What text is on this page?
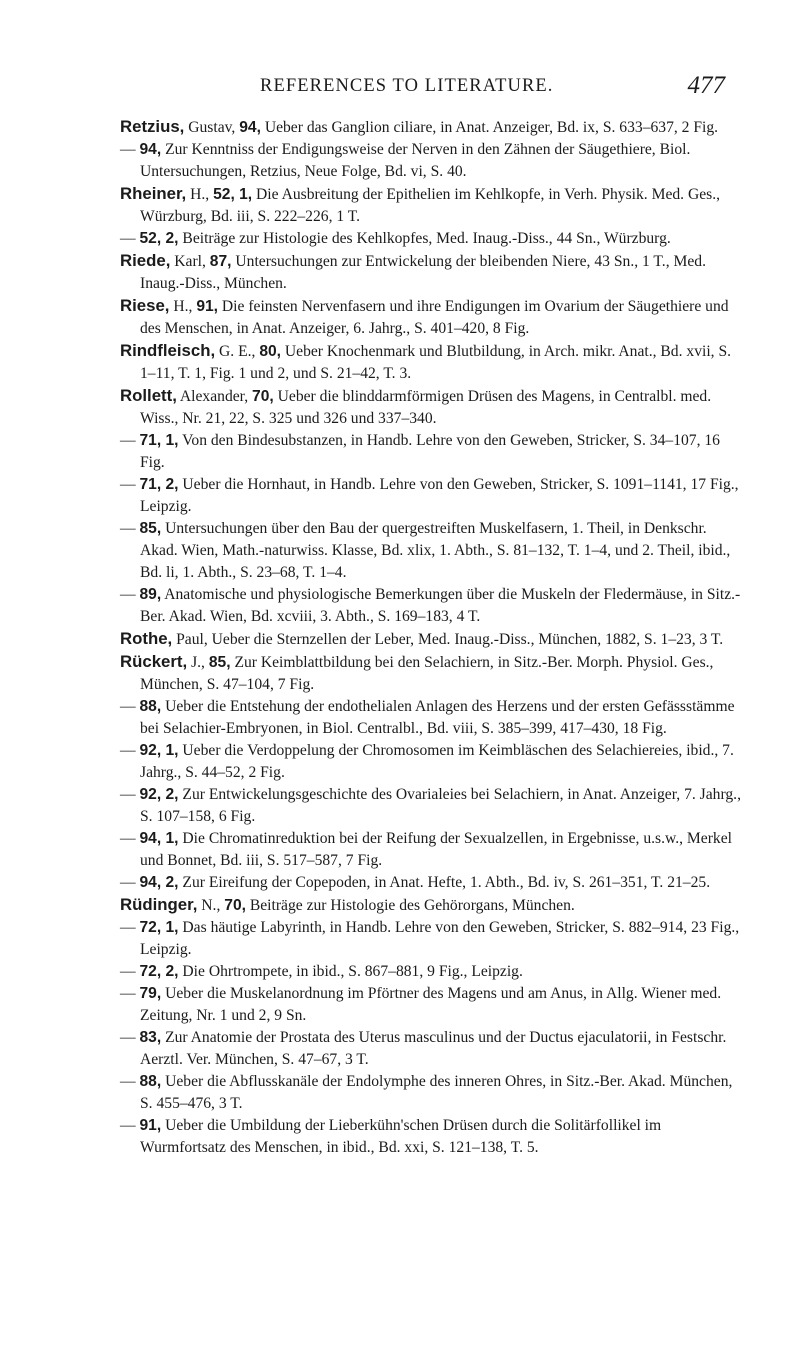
REFERENCES TO LITERATURE.	477

Retzius, Gustav, 94, Ueber das Ganglion ciliare, in Anat. Anzeiger, Bd. ix, S. 633–637, 2 Fig.

— 94, Zur Kenntniss der Endigungsweise der Nerven in den Zähnen der Säugethiere, Biol. Untersuchungen, Retzius, Neue Folge, Bd. vi, S. 40.

Rheiner, H., 52, 1, Die Ausbreitung der Epithelien im Kehlkopfe, in Verh. Physik. Med. Ges., Würzburg, Bd. iii, S. 222–226, 1 T.

— 52, 2, Beiträge zur Histologie des Kehlkopfes, Med. Inaug.-Diss., 44 Sn., Würzburg.

Riede, Karl, 87, Untersuchungen zur Entwickelung der bleibenden Niere, 43 Sn., 1 T., Med. Inaug.-Diss., München.

Riese, H., 91, Die feinsten Nervenfasern und ihre Endigungen im Ovarium der Säugethiere und des Menschen, in Anat. Anzeiger, 6. Jahrg., S. 401–420, 8 Fig.

Rindfleisch, G. E., 80, Ueber Knochenmark und Blutbildung, in Arch. mikr. Anat., Bd. xvii, S. 1–11, T. 1, Fig. 1 und 2, und S. 21–42, T. 3.

Rollett, Alexander, 70, Ueber die blinddarmförmigen Drüsen des Magens, in Centralbl. med. Wiss., Nr. 21, 22, S. 325 und 326 und 337–340.

— 71, 1, Von den Bindesubstanzen, in Handb. Lehre von den Geweben, Stricker, S. 34–107, 16 Fig.

— 71, 2, Ueber die Hornhaut, in Handb. Lehre von den Geweben, Stricker, S. 1091–1141, 17 Fig., Leipzig.

— 85, Untersuchungen über den Bau der quergestreiften Muskelfasern, 1. Theil, in Denkschr. Akad. Wien, Math.-naturwiss. Klasse, Bd. xlix, 1. Abth., S. 81–132, T. 1–4, und 2. Theil, ibid., Bd. li, 1. Abth., S. 23–68, T. 1–4.

— 89, Anatomische und physiologische Bemerkungen über die Muskeln der Fledermäuse, in Sitz.-Ber. Akad. Wien, Bd. xcviii, 3. Abth., S. 169–183, 4 T.

Rothe, Paul, Ueber die Sternzellen der Leber, Med. Inaug.-Diss., München, 1882, S. 1–23, 3 T.

Rückert, J., 85, Zur Keimblattbildung bei den Selachiern, in Sitz.-Ber. Morph. Physiol. Ges., München, S. 47–104, 7 Fig.

— 88, Ueber die Entstehung der endothelialen Anlagen des Herzens und der ersten Gefässstämme bei Selachier-Embryonen, in Biol. Centralbl., Bd. viii, S. 385–399, 417–430, 18 Fig.

— 92, 1, Ueber die Verdoppelung der Chromosomen im Keimbläschen des Selachiereies, ibid., 7. Jahrg., S. 44–52, 2 Fig.

— 92, 2, Zur Entwickelungsgeschichte des Ovarialeies bei Selachiern, in Anat. Anzeiger, 7. Jahrg., S. 107–158, 6 Fig.

— 94, 1, Die Chromatinreduktion bei der Reifung der Sexualzellen, in Ergebnisse, u.s.w., Merkel und Bonnet, Bd. iii, S. 517–587, 7 Fig.

— 94, 2, Zur Eireifung der Copepoden, in Anat. Hefte, 1. Abth., Bd. iv, S. 261–351, T. 21–25.

Rüdinger, N., 70, Beiträge zur Histologie des Gehörorgans, München.

— 72, 1, Das häutige Labyrinth, in Handb. Lehre von den Geweben, Stricker, S. 882–914, 23 Fig., Leipzig.

— 72, 2, Die Ohrtrompete, in ibid., S. 867–881, 9 Fig., Leipzig.

— 79, Ueber die Muskelanordnung im Pförtner des Magens und am Anus, in Allg. Wiener med. Zeitung, Nr. 1 und 2, 9 Sn.

— 83, Zur Anatomie der Prostata des Uterus masculinus und der Ductus ejaculatorii, in Festschr. Aerztl. Ver. München, S. 47–67, 3 T.

— 88, Ueber die Abflusskanäle der Endolymphe des inneren Ohres, in Sitz.-Ber. Akad. München, S. 455–476, 3 T.

— 91, Ueber die Umbildung der Lieberkühn'schen Drüsen durch die Solitärfollikel im Wurmfortsatz des Menschen, in ibid., Bd. xxi, S. 121–138, T. 5.
